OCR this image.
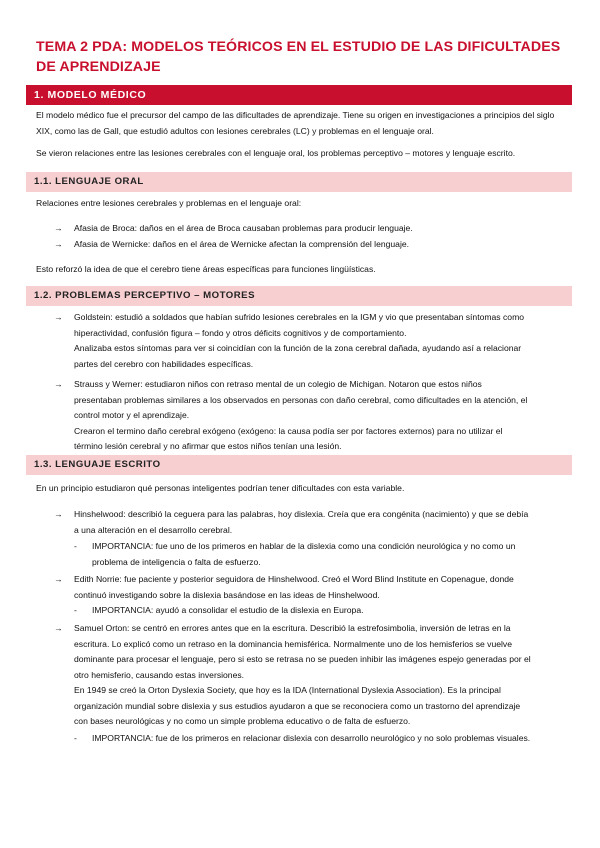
TEMA 2 PDA: MODELOS TEÓRICOS EN EL ESTUDIO DE LAS DIFICULTADES DE APRENDIZAJE
1. MODELO MÉDICO
El modelo médico fue el precursor del campo de las dificultades de aprendizaje. Tiene su origen en investigaciones a principios del siglo XIX, como las de Gall, que estudió adultos con lesiones cerebrales (LC) y problemas en el lenguaje oral.
Se vieron relaciones entre las lesiones cerebrales con el lenguaje oral, los problemas perceptivo – motores y lenguaje escrito.
1.1. LENGUAJE ORAL
Relaciones entre lesiones cerebrales y problemas en el lenguaje oral:
→	Afasia de Broca: daños en el área de Broca causaban problemas para producir lenguaje.
→	Afasia de Wernicke: daños en el área de Wernicke afectan la comprensión del lenguaje.
Esto reforzó la idea de que el cerebro tiene áreas específicas para funciones lingüísticas.
1.2. PROBLEMAS PERCEPTIVO – MOTORES
→	Goldstein: estudió a soldados que habían sufrido lesiones cerebrales en la IGM y vio que presentaban síntomas como
hiperactividad, confusión figura – fondo y otros déficits cognitivos y de comportamiento.
Analizaba estos síntomas para ver si coincidían con la función de la zona cerebral dañada, ayudando así a relacionar
partes del cerebro con habilidades específicas.
→	Strauss y Werner: estudiaron niños con retraso mental de un colegio de Michigan. Notaron que estos niños
presentaban problemas similares a los observados en personas con daño cerebral, como dificultades en la atención, el
control motor y el aprendizaje.
Crearon el termino daño cerebral exógeno (exógeno: la causa podía ser por factores externos) para no utilizar el
término lesión cerebral y no afirmar que estos niños tenían una lesión.
1.3. LENGUAJE ESCRITO
En un principio estudiaron qué personas inteligentes podrían tener dificultades con esta variable.
→	Hinshelwood: describió la ceguera para las palabras, hoy dislexia. Creía que era congénita (nacimiento) y que se debía
a una alteración en el desarrollo cerebral.
- IMPORTANCIA: fue uno de los primeros en hablar de la dislexia como una condición neurológica y no como un
problema de inteligencia o falta de esfuerzo.
→	Edith Norrie: fue paciente y posterior seguidora de Hinshelwood. Creó el Word Blind Institute en Copenague, donde
continuó investigando sobre la dislexia basándose en las ideas de Hinshelwood.
-	IMPORTANCIA: ayudó a consolidar el estudio de la dislexia en Europa.
→	Samuel Orton: se centró en errores antes que en la escritura. Describió la estrefosimbolia, inversión de letras en la
escritura. Lo explicó como un retraso en la dominancia hemisférica. Normalmente uno de los hemisferios se vuelve
dominante para procesar el lenguaje, pero si esto se retrasa no se pueden inhibir las imágenes espejo generadas por el
otro hemisferio, causando estas inversiones.
En 1949 se creó la Orton Dyslexia Society, que hoy es la IDA (International Dyslexia Association). Es la principal
organización mundial sobre dislexia y sus estudios ayudaron a que se reconociera como un trastorno del aprendizaje
con bases neurológicas y no como un simple problema educativo o de falta de esfuerzo.
-	IMPORTANCIA: fue de los primeros en relacionar dislexia con desarrollo neurológico y no solo problemas visuales.
